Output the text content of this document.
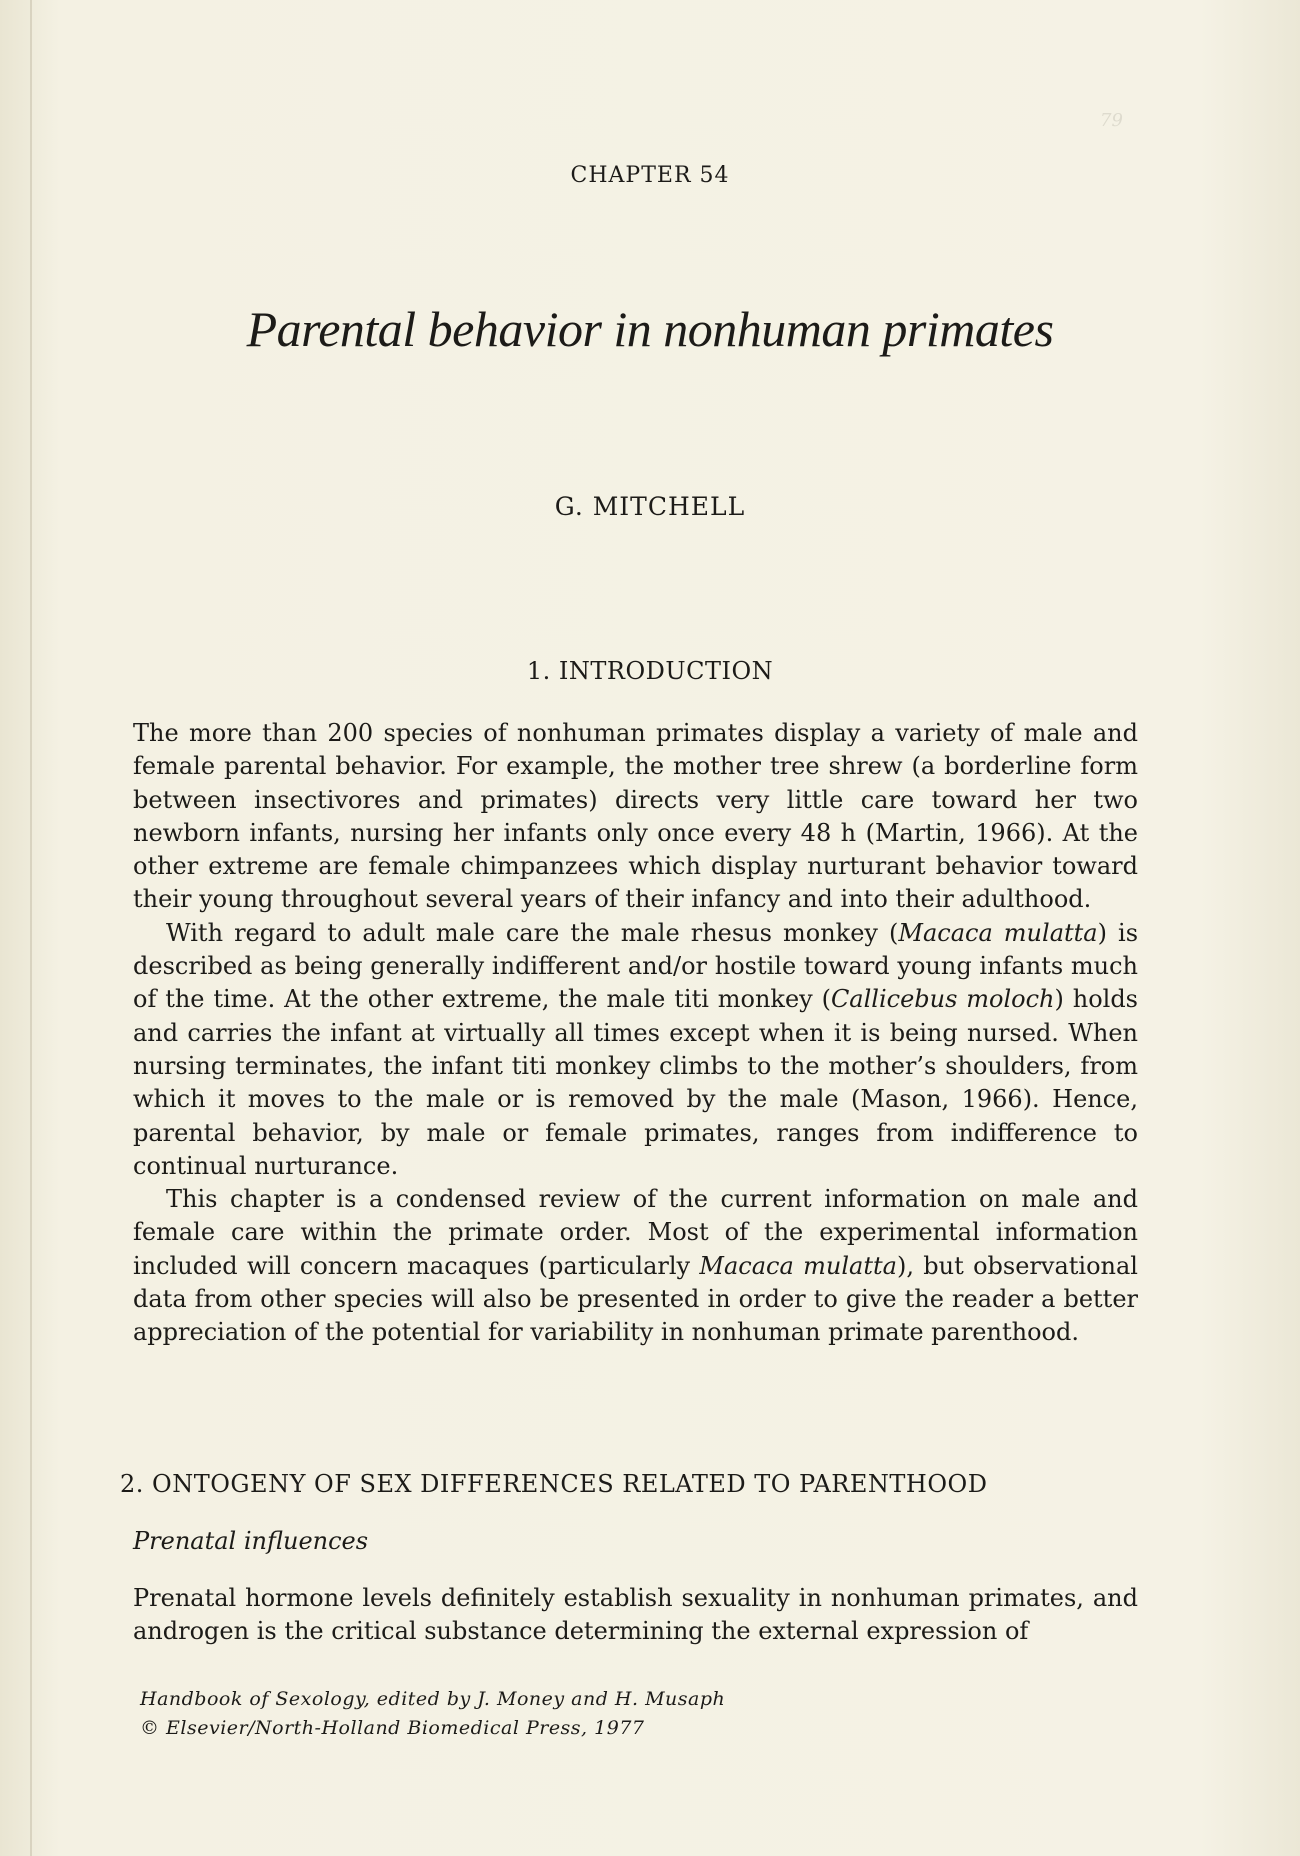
79
CHAPTER 54
Parental behavior in nonhuman primates
G. MITCHELL
1. INTRODUCTION

The more than 200 species of nonhuman primates display a variety of male and female parental behavior. For example, the mother tree shrew (a borderline form between insectivores and primates) directs very little care toward her two newborn infants, nursing her infants only once every 48 h (Martin, 1966). At the other extreme are female chimpanzees which display nurturant behavior toward their young throughout several years of their infancy and into their adulthood.

With regard to adult male care the male rhesus monkey (Macaca mulatta) is described as being generally indifferent and/or hostile toward young infants much of the time. At the other extreme, the male titi monkey (Callicebus moloch) holds and carries the infant at virtually all times except when it is being nursed. When nursing terminates, the infant titi monkey climbs to the mother’s shoulders, from which it moves to the male or is removed by the male (Mason, 1966). Hence, parental behavior, by male or female primates, ranges from indifference to continual nurturance.

This chapter is a condensed review of the current information on male and female care within the primate order. Most of the experimental information included will concern macaques (particularly Macaca mulatta), but observational data from other species will also be presented in order to give the reader a better appreciation of the potential for variability in nonhuman primate parenthood.

2. ONTOGENY OF SEX DIFFERENCES RELATED TO PARENTHOOD
Prenatal influences

Prenatal hormone levels definitely establish sexuality in nonhuman primates, and androgen is the critical substance determining the external expression of

Handbook of Sexology, edited by J. Money and H. Musaph
© Elsevier/North-Holland Biomedical Press, 1977
